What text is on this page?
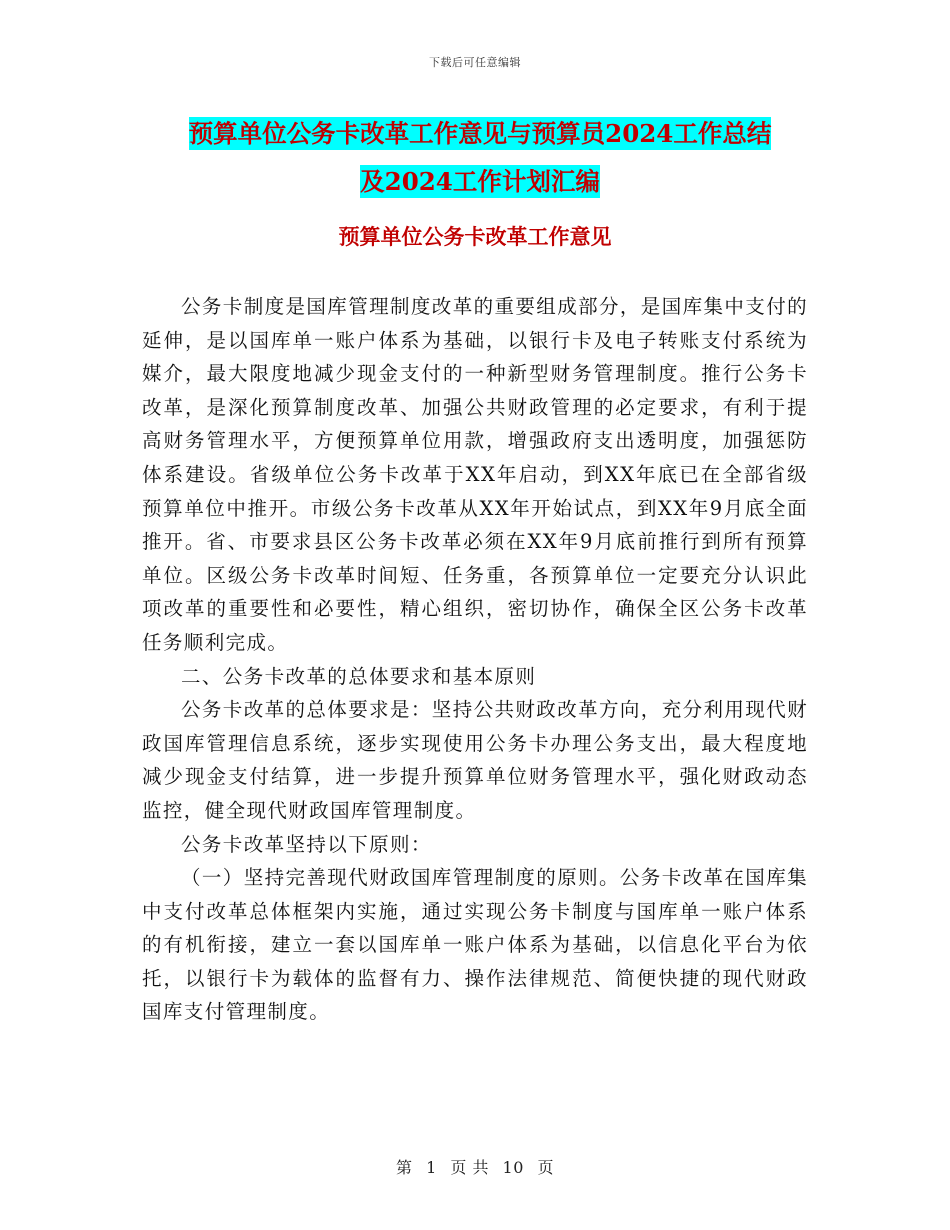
下载后可任意编辑
预算单位公务卡改革工作意见与预算员2024工作总结
及2024工作计划汇编
预算单位公务卡改革工作意见

公务卡制度是国库管理制度改革的重要组成部分，是国库集中支付的延伸，是以国库单一账户体系为基础，以银行卡及电子转账支付系统为媒介，最大限度地减少现金支付的一种新型财务管理制度。推行公务卡改革，是深化预算制度改革、加强公共财政管理的必定要求，有利于提高财务管理水平，方便预算单位用款，增强政府支出透明度，加强惩防体系建设。省级单位公务卡改革于XX年启动，到XX年底已在全部省级预算单位中推开。市级公务卡改革从XX年开始试点，到XX年9月底全面推开。省、市要求县区公务卡改革必须在XX年9月底前推行到所有预算单位。区级公务卡改革时间短、任务重，各预算单位一定要充分认识此项改革的重要性和必要性，精心组织，密切协作，确保全区公务卡改革任务顺利完成。

二、公务卡改革的总体要求和基本原则

公务卡改革的总体要求是：坚持公共财政改革方向，充分利用现代财政国库管理信息系统，逐步实现使用公务卡办理公务支出，最大程度地减少现金支付结算，进一步提升预算单位财务管理水平，强化财政动态监控，健全现代财政国库管理制度。

公务卡改革坚持以下原则：

（一）坚持完善现代财政国库管理制度的原则。公务卡改革在国库集中支付改革总体框架内实施，通过实现公务卡制度与国库单一账户体系的有机衔接，建立一套以国库单一账户体系为基础，以信息化平台为依托，以银行卡为载体的监督有力、操作法律规范、简便快捷的现代财政国库支付管理制度。

第 1 页 共 10 页
